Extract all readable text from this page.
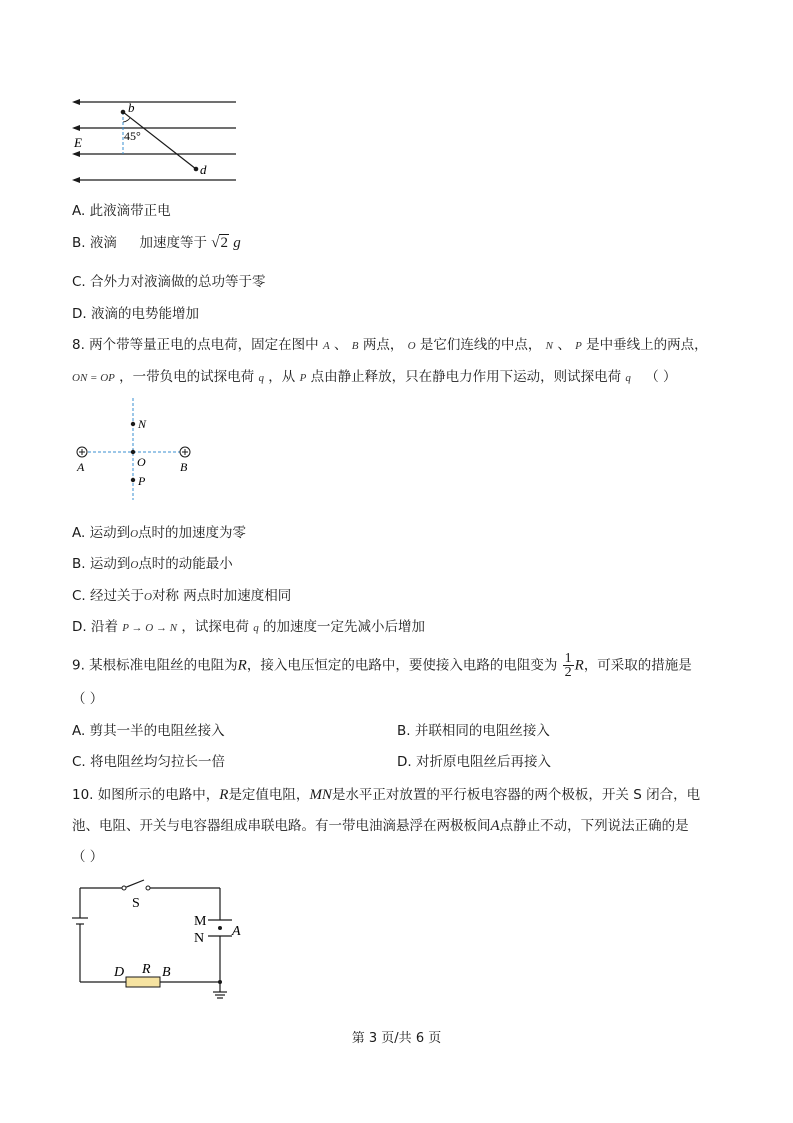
b
45°
E
d
A. 此液滴带正电
B. 液滴 加速度等于 √2 g
C. 合外力对液滴做的总功等于零
D. 液滴的电势能增加
8. 两个带等量正电的点电荷，固定在图中 A 、 B 两点， O 是它们连线的中点， N 、 P 是中垂线上的两点，
ON = OP ，一带负电的试探电荷 q ，从 P 点由静止释放，只在静电力作用下运动，则试探电荷 q （ ）
N
O
P
A	B
A. 运动到O点时的加速度为零
B. 运动到O点时的动能最小
C. 经过关于O对称 两点时加速度相同
D. 沿着 P → O → N ，试探电荷 q 的加速度一定先减小后增加
9. 某根标准电阻丝的电阻为R，接入电压恒定的电路中，要使接入电路的电阻变为 $\frac{1}{2}$ R，可采取的措施是
（ ）
A. 剪其一半的电阻丝接入	B. 并联相同的电阻丝接入
C. 将电阻丝均匀拉长一倍	D. 对折原电阻丝后再接入
10. 如图所示的电路中，R是定值电阻，MN是水平正对放置的平行板电容器的两个极板，开关 S 闭合，电
池、电阻、开关与电容器组成串联电路。有一带电油滴悬浮在两极板间A点静止不动，下列说法正确的是
（ ）
S
M
N A
D R B
第 3 页/共 6 页
